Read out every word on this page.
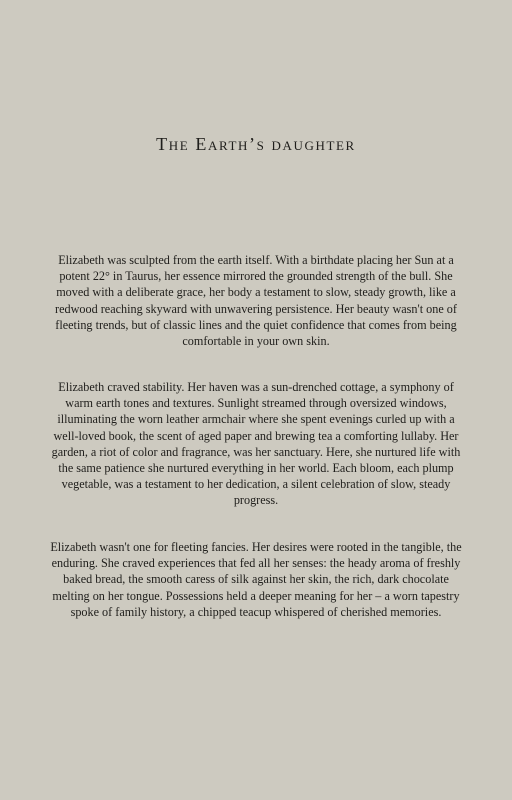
The Earth’s daughter

Elizabeth was sculpted from the earth itself. With a birthdate placing her Sun at a potent 22° in Taurus, her essence mirrored the grounded strength of the bull. She moved with a deliberate grace, her body a testament to slow, steady growth, like a redwood reaching skyward with unwavering persistence. Her beauty wasn't one of fleeting trends, but of classic lines and the quiet confidence that comes from being comfortable in your own skin.

Elizabeth craved stability. Her haven was a sun-drenched cottage, a symphony of warm earth tones and textures. Sunlight streamed through oversized windows, illuminating the worn leather armchair where she spent evenings curled up with a well-loved book, the scent of aged paper and brewing tea a comforting lullaby. Her garden, a riot of color and fragrance, was her sanctuary. Here, she nurtured life with the same patience she nurtured everything in her world. Each bloom, each plump vegetable, was a testament to her dedication, a silent celebration of slow, steady progress.

Elizabeth wasn't one for fleeting fancies. Her desires were rooted in the tangible, the enduring. She craved experiences that fed all her senses: the heady aroma of freshly baked bread, the smooth caress of silk against her skin, the rich, dark chocolate melting on her tongue. Possessions held a deeper meaning for her – a worn tapestry spoke of family history, a chipped teacup whispered of cherished memories.
